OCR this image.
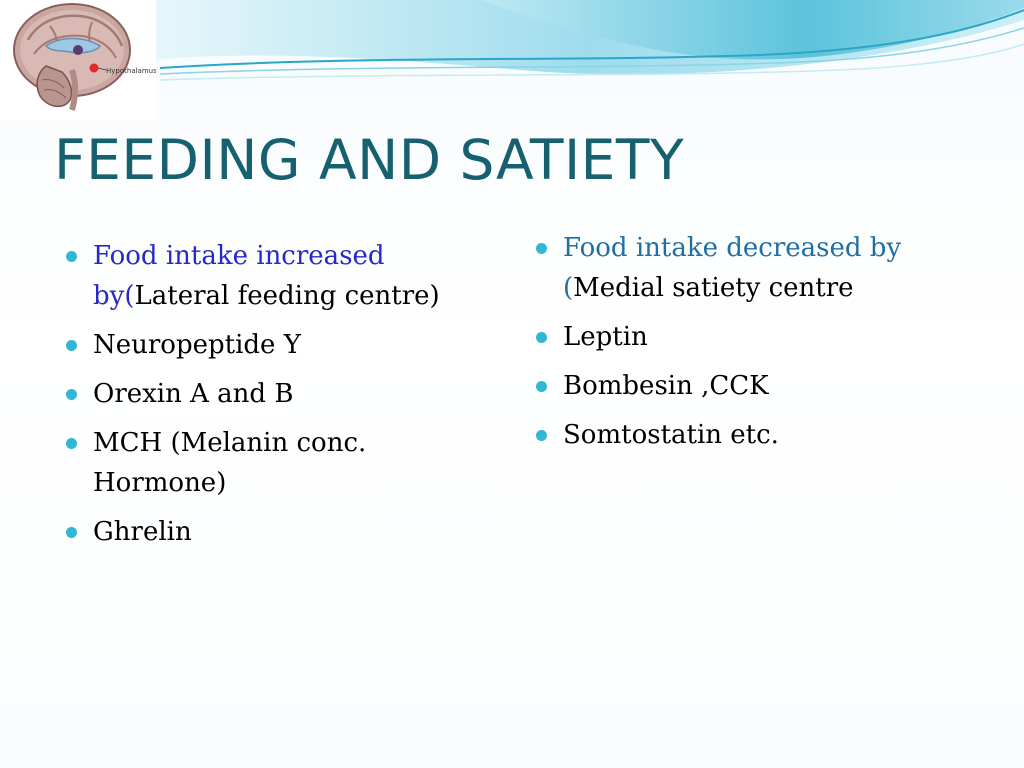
Hypothalamus
FEEDING AND SATIETY
Food intake increased by(Lateral feeding centre)
Neuropeptide Y
Orexin A and B
MCH (Melanin conc. Hormone)
Ghrelin
Food intake decreased by (Medial satiety centre
Leptin
Bombesin ,CCK
Somtostatin etc.
